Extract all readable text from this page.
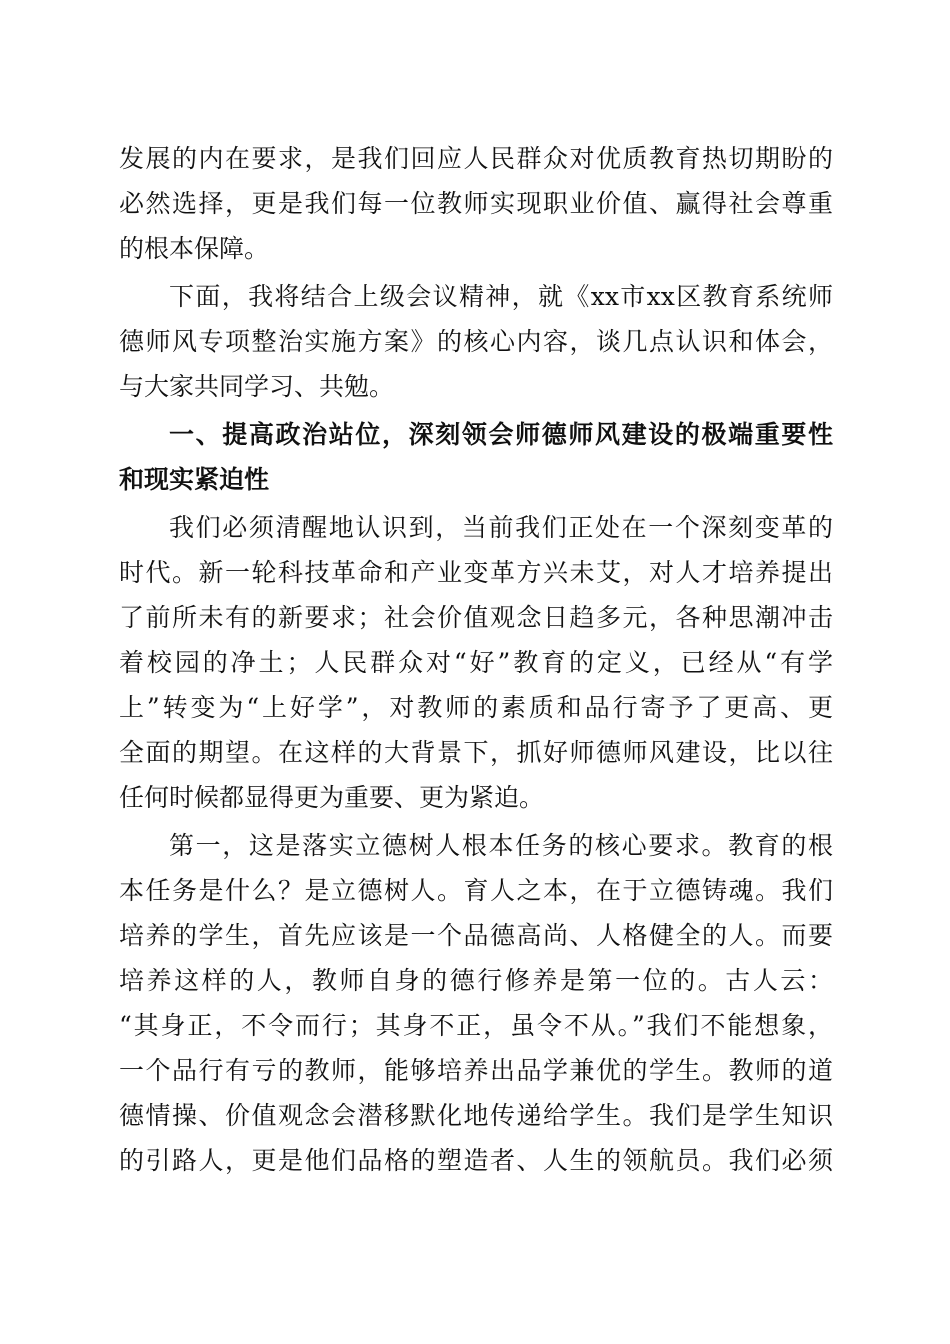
发展的内在要求，是我们回应人民群众对优质教育热切期盼的
必然选择，更是我们每一位教师实现职业价值、赢得社会尊重
的根本保障。
下面，我将结合上级会议精神，就《xx市xx区教育系统师
德师风专项整治实施方案》的核心内容，谈几点认识和体会，
与大家共同学习、共勉。
一、提高政治站位，深刻领会师德师风建设的极端重要性
和现实紧迫性
我们必须清醒地认识到，当前我们正处在一个深刻变革的
时代。新一轮科技革命和产业变革方兴未艾，对人才培养提出
了前所未有的新要求；社会价值观念日趋多元，各种思潮冲击
着校园的净土；人民群众对“好”教育的定义，已经从“有学
上”转变为“上好学”，对教师的素质和品行寄予了更高、更
全面的期望。在这样的大背景下，抓好师德师风建设，比以往
任何时候都显得更为重要、更为紧迫。
第一，这是落实立德树人根本任务的核心要求。教育的根
本任务是什么？是立德树人。育人之本，在于立德铸魂。我们
培养的学生，首先应该是一个品德高尚、人格健全的人。而要
培养这样的人，教师自身的德行修养是第一位的。古人云：
“其身正，不令而行；其身不正，虽令不从。”我们不能想象，
一个品行有亏的教师，能够培养出品学兼优的学生。教师的道
德情操、价值观念会潜移默化地传递给学生。我们是学生知识
的引路人，更是他们品格的塑造者、人生的领航员。我们必须
